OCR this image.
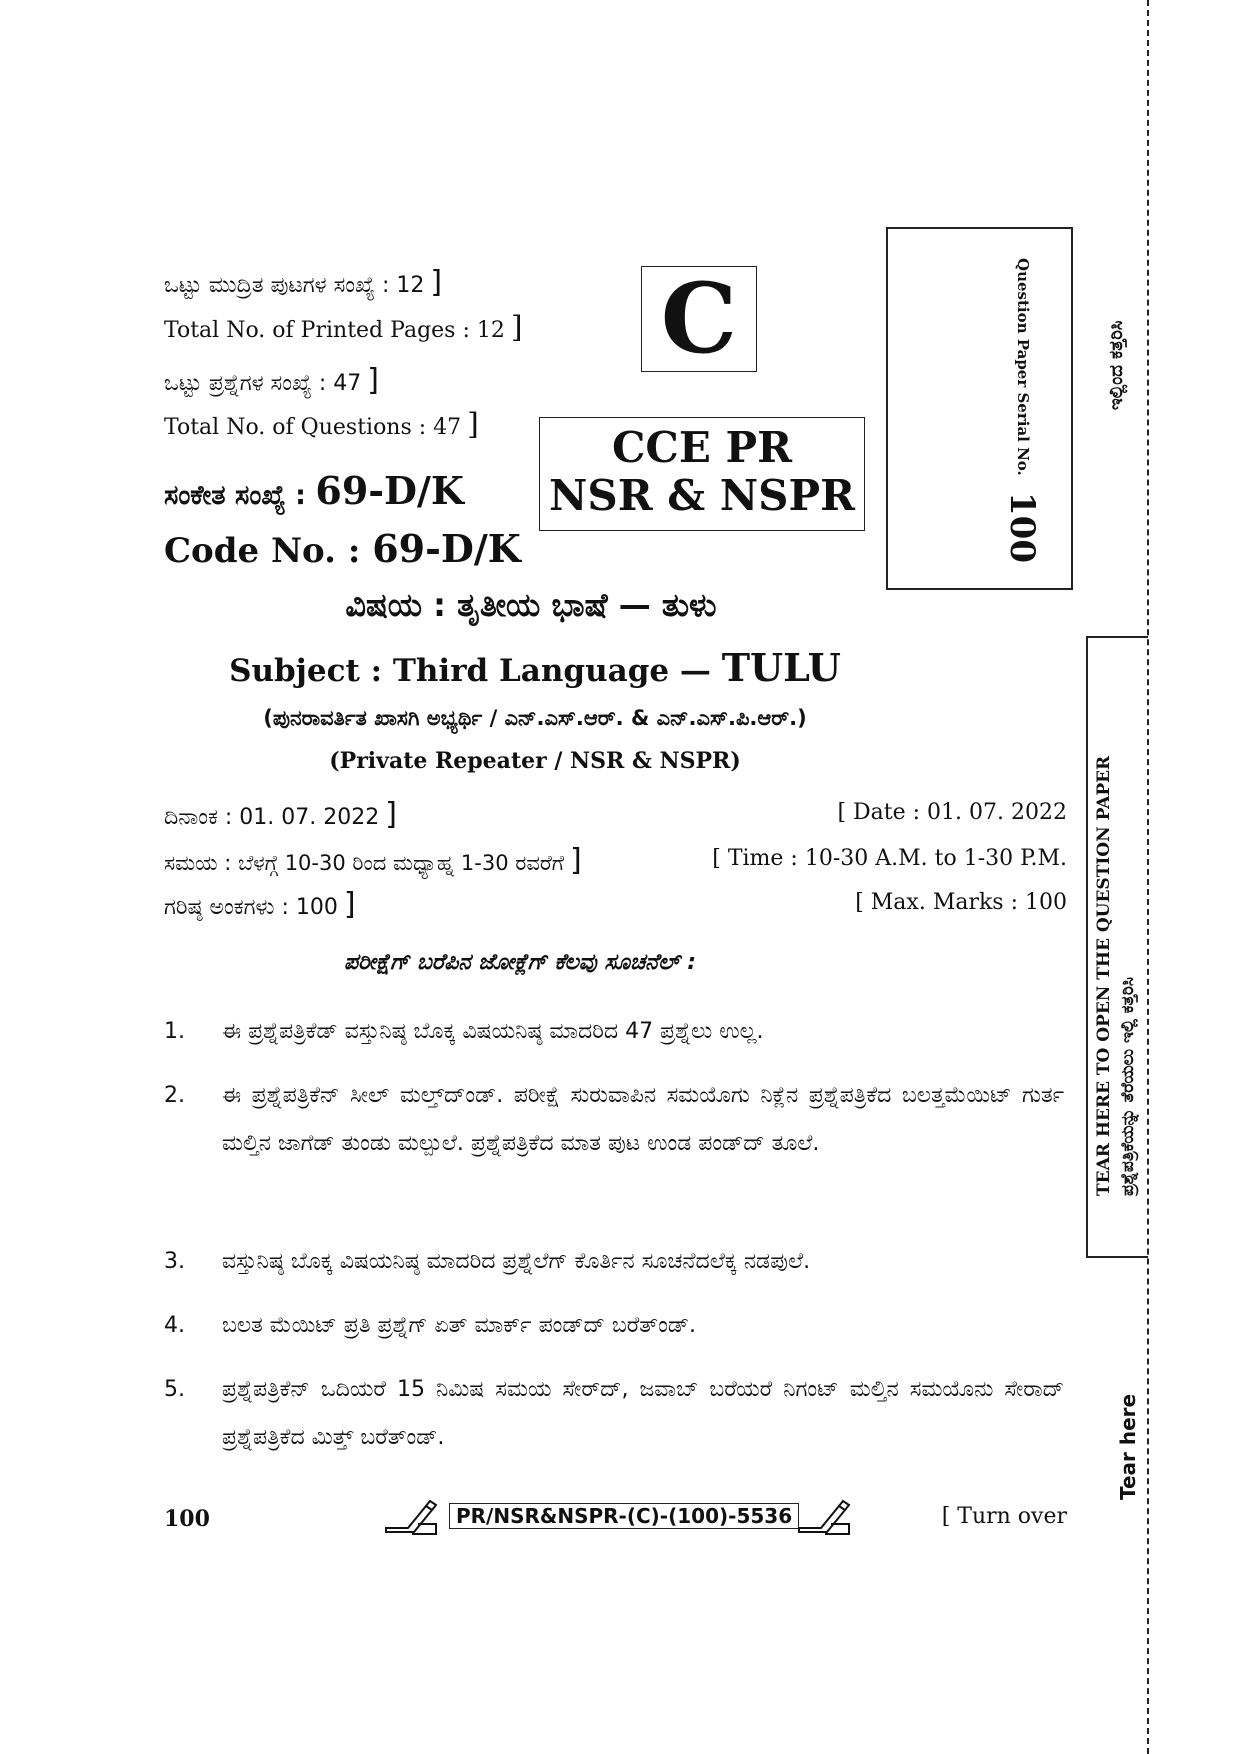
ಒಟ್ಟು ಮುದ್ರಿತ ಪುಟಗಳ ಸಂಖ್ಯೆ : 12 ]
Total No. of Printed Pages : 12 ]
ಒಟ್ಟು ಪ್ರಶ್ನೆಗಳ ಸಂಖ್ಯೆ : 47 ]
Total No. of Questions : 47 ]
ಸಂಕೇತ ಸಂಖ್ಯೆ : 69-D/K
Code No. : 69-D/K
C
CCE PR
NSR & NSPR
Question Paper Serial No.
100
ವಿಷಯ : ತೃತೀಯ ಭಾಷೆ — ತುಳು
Subject : Third Language — TULU
(ಪುನರಾವರ್ತಿತ ಖಾಸಗಿ ಅಭ್ಯರ್ಥಿ / ಎನ್.ಎಸ್.ಆರ್. & ಎನ್.ಎಸ್.ಪಿ.ಆರ್.)
(Private Repeater / NSR & NSPR)
ದಿನಾಂಕ : 01. 07. 2022 ]	[ Date : 01. 07. 2022
ಸಮಯ : ಬೆಳಗ್ಗೆ 10-30 ರಿಂದ ಮಧ್ಯಾಹ್ನ 1-30 ರವರೆಗೆ ]	[ Time : 10-30 A.M. to 1-30 P.M.
ಗರಿಷ್ಠ ಅಂಕಗಳು : 100 ]	[ Max. Marks : 100
ಪರೀಕ್ಷೆಗ್ ಬರೆಪಿನ ಜೋಕ್ಲೆಗ್ ಕೆಲವು ಸೂಚನೆಲ್ :
1.	ಈ ಪ್ರಶ್ನೆಪತ್ರಿಕೆಡ್ ವಸ್ತುನಿಷ್ಠ ಬೊಕ್ಕ ವಿಷಯನಿಷ್ಠ ಮಾದರಿದ 47 ಪ್ರಶ್ನೆಲು ಉಲ್ಲ.
2.	ಈ ಪ್ರಶ್ನೆಪತ್ರಿಕೆನ್ ಸೀಲ್ ಮಲ್ತ್‌ದ್‌ಂಡ್. ಪರೀಕ್ಷೆ ಸುರುವಾಪಿನ ಸಮಯೊಗು ನಿಕ್ಲೆನ ಪ್ರಶ್ನೆಪತ್ರಿಕೆದ ಬಲತ್ತಮೆಯಿಟ್ ಗುರ್ತ ಮಲ್ತಿನ ಜಾಗೆಡ್ ತುಂಡು ಮಲ್ಪುಲೆ. ಪ್ರಶ್ನೆಪತ್ರಿಕೆದ ಮಾತ ಪುಟ ಉಂಡ ಪಂಡ್‌ದ್ ತೂಲೆ.
3.	ವಸ್ತುನಿಷ್ಠ ಬೊಕ್ಕ ವಿಷಯನಿಷ್ಠ ಮಾದರಿದ ಪ್ರಶ್ನೆಲೆಗ್ ಕೊರ್ತಿನ ಸೂಚನೆದಲೆಕ್ಕ ನಡಪುಲೆ.
4.	ಬಲತ ಮೆಯಿಟ್ ಪ್ರತಿ ಪ್ರಶ್ನೆಗ್ ಏತ್ ಮಾರ್ಕ್ ಪಂಡ್‌ದ್ ಬರೆತ್‌ಂಡ್.
5.	ಪ್ರಶ್ನೆಪತ್ರಿಕೆನ್ ಒದಿಯರೆ 15 ನಿಮಿಷ ಸಮಯ ಸೇರ್‌ದ್, ಜವಾಬ್ ಬರೆಯರೆ ನಿಗಂಟ್ ಮಲ್ತಿನ ಸಮಯೊನು ಸೇರಾದ್ ಪ್ರಶ್ನೆಪತ್ರಿಕೆದ ಮಿತ್ತ್ ಬರೆತ್‌ಂಡ್.
100	PR/NSR&NSPR-(C)-(100)-5536	[ Turn over
ಇಲ್ಲಿಂದ ಕತ್ತರಿಸಿ
TEAR HERE TO OPEN THE QUESTION PAPER ಪ್ರಶ್ನೆಪತ್ರಿಕೆಯನ್ನು ತೆರೆಯಲು ಇಲ್ಲಿ ಕತ್ತರಿಸಿ
Tear here
